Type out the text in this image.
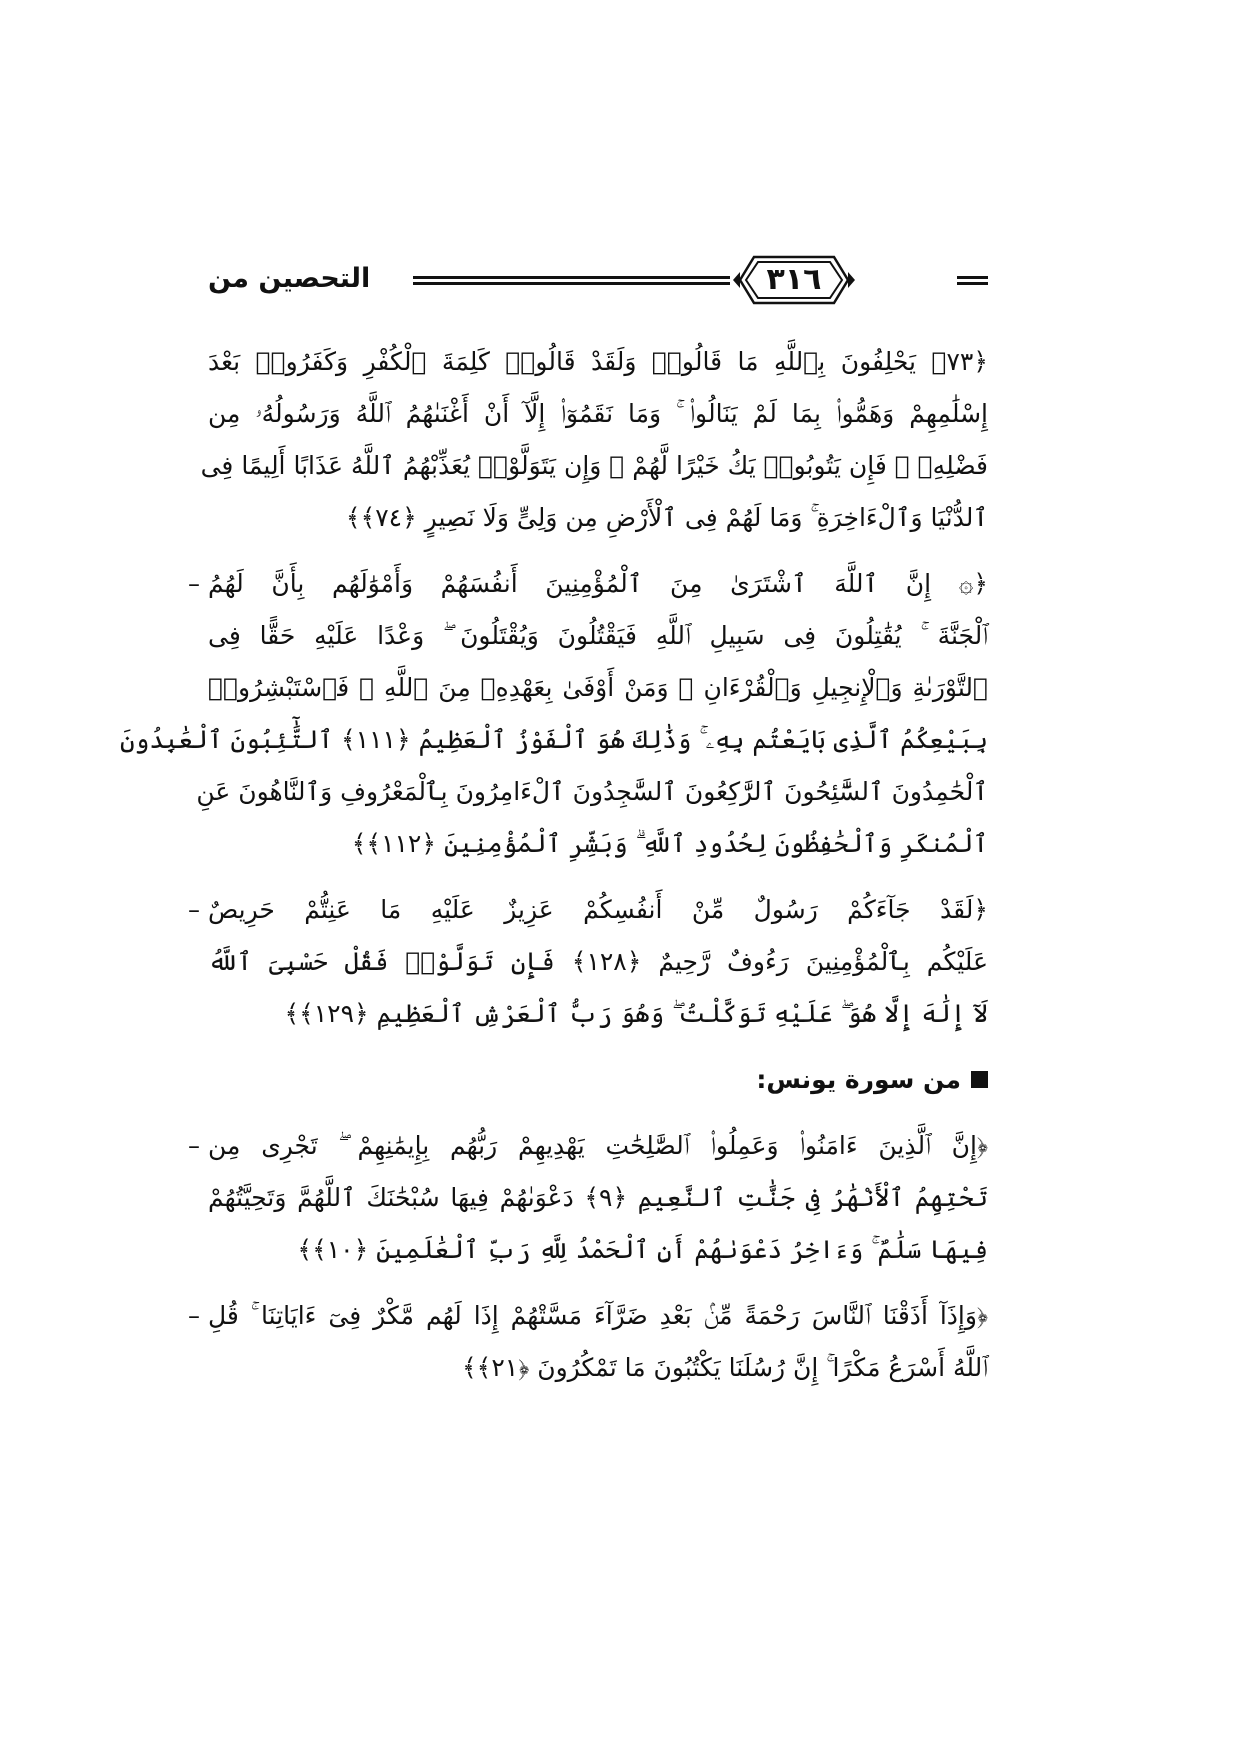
التحصين من	٣١٦
﴿٧٣﴾ يَحْلِفُونَ بِٱللَّهِ مَا قَالُوا۟ وَلَقَدْ قَالُوا۟ كَلِمَةَ ٱلْكُفْرِ وَكَفَرُوا۟ بَعْدَ
إِسْلَٰمِهِمْ وَهَمُّوا۟ بِمَا لَمْ يَنَالُوا۟ ۚ وَمَا نَقَمُوٓا۟ إِلَّآ أَنْ أَغْنَىٰهُمُ ٱللَّهُ وَرَسُولُهُۥ مِن
فَضْلِهِۦ ۚ فَإِن يَتُوبُوا۟ يَكُ خَيْرًا لَّهُمْ ۖ وَإِن يَتَوَلَّوْا۟ يُعَذِّبْهُمُ ٱللَّهُ عَذَابًا أَلِيمًا فِى
ٱلدُّنْيَا وَٱلْءَاخِرَةِ ۚ وَمَا لَهُمْ فِى ٱلْأَرْضِ مِن وَلِىٍّ وَلَا نَصِيرٍ ﴿٧٤﴾﴾
– ﴿۞ إِنَّ ٱللَّهَ ٱشْتَرَىٰ مِنَ ٱلْمُؤْمِنِينَ أَنفُسَهُمْ وَأَمْوَٰلَهُم بِأَنَّ لَهُمُ
ٱلْجَنَّةَ ۚ يُقَٰتِلُونَ فِى سَبِيلِ ٱللَّهِ فَيَقْتُلُونَ وَيُقْتَلُونَ ۖ وَعْدًا عَلَيْهِ حَقًّا فِى
ٱلتَّوْرَىٰةِ وَٱلْإِنجِيلِ وَٱلْقُرْءَانِ ۚ وَمَنْ أَوْفَىٰ بِعَهْدِهِۦ مِنَ ٱللَّهِ ۚ فَٱسْتَبْشِرُوا۟
بِبَيْعِكُمُ ٱلَّذِى بَايَعْتُم بِهِۦ ۚ وَذَٰلِكَ هُوَ ٱلْفَوْزُ ٱلْعَظِيمُ ﴿١١١﴾ ٱلتَّٰٓئِبُونَ ٱلْعَٰبِدُونَ
ٱلْحَٰمِدُونَ ٱلسَّٰٓئِحُونَ ٱلرَّٰكِعُونَ ٱلسَّٰجِدُونَ ٱلْءَامِرُونَ بِٱلْمَعْرُوفِ وَٱلنَّاهُونَ عَنِ
ٱلْمُنكَرِ وَٱلْحَٰفِظُونَ لِحُدُودِ ٱللَّهِ ۗ وَبَشِّرِ ٱلْمُؤْمِنِينَ ﴿١١٢﴾﴾
– ﴿لَقَدْ جَآءَكُمْ رَسُولٌ مِّنْ أَنفُسِكُمْ عَزِيزٌ عَلَيْهِ مَا عَنِتُّمْ حَرِيصٌ
عَلَيْكُم بِٱلْمُؤْمِنِينَ رَءُوفٌ رَّحِيمٌ ﴿١٢٨﴾ فَإِن تَوَلَّوْا۟ فَقُلْ حَسْبِىَ ٱللَّهُ
لَآ إِلَٰهَ إِلَّا هُوَ ۖ عَلَيْهِ تَوَكَّلْتُ ۖ وَهُوَ رَبُّ ٱلْعَرْشِ ٱلْعَظِيمِ ﴿١٢٩﴾﴾
من سورة يونس:
– ﴿إِنَّ ٱلَّذِينَ ءَامَنُوا۟ وَعَمِلُوا۟ ٱلصَّٰلِحَٰتِ يَهْدِيهِمْ رَبُّهُم بِإِيمَٰنِهِمْ ۖ تَجْرِى مِن
تَحْتِهِمُ ٱلْأَنْهَٰرُ فِى جَنَّٰتِ ٱلنَّعِيمِ ﴿٩﴾ دَعْوَىٰهُمْ فِيهَا سُبْحَٰنَكَ ٱللَّهُمَّ وَتَحِيَّتُهُمْ
فِيهَا سَلَٰمٌ ۚ وَءَاخِرُ دَعْوَىٰهُمْ أَنِ ٱلْحَمْدُ لِلَّهِ رَبِّ ٱلْعَٰلَمِينَ ﴿١٠﴾﴾
– ﴿وَإِذَآ أَذَقْنَا ٱلنَّاسَ رَحْمَةً مِّنۢ بَعْدِ ضَرَّآءَ مَسَّتْهُمْ إِذَا لَهُم مَّكْرٌ فِىٓ ءَايَاتِنَا ۚ قُلِ
ٱللَّهُ أَسْرَعُ مَكْرًا ۚ إِنَّ رُسُلَنَا يَكْتُبُونَ مَا تَمْكُرُونَ ﴿٢١﴾﴾
